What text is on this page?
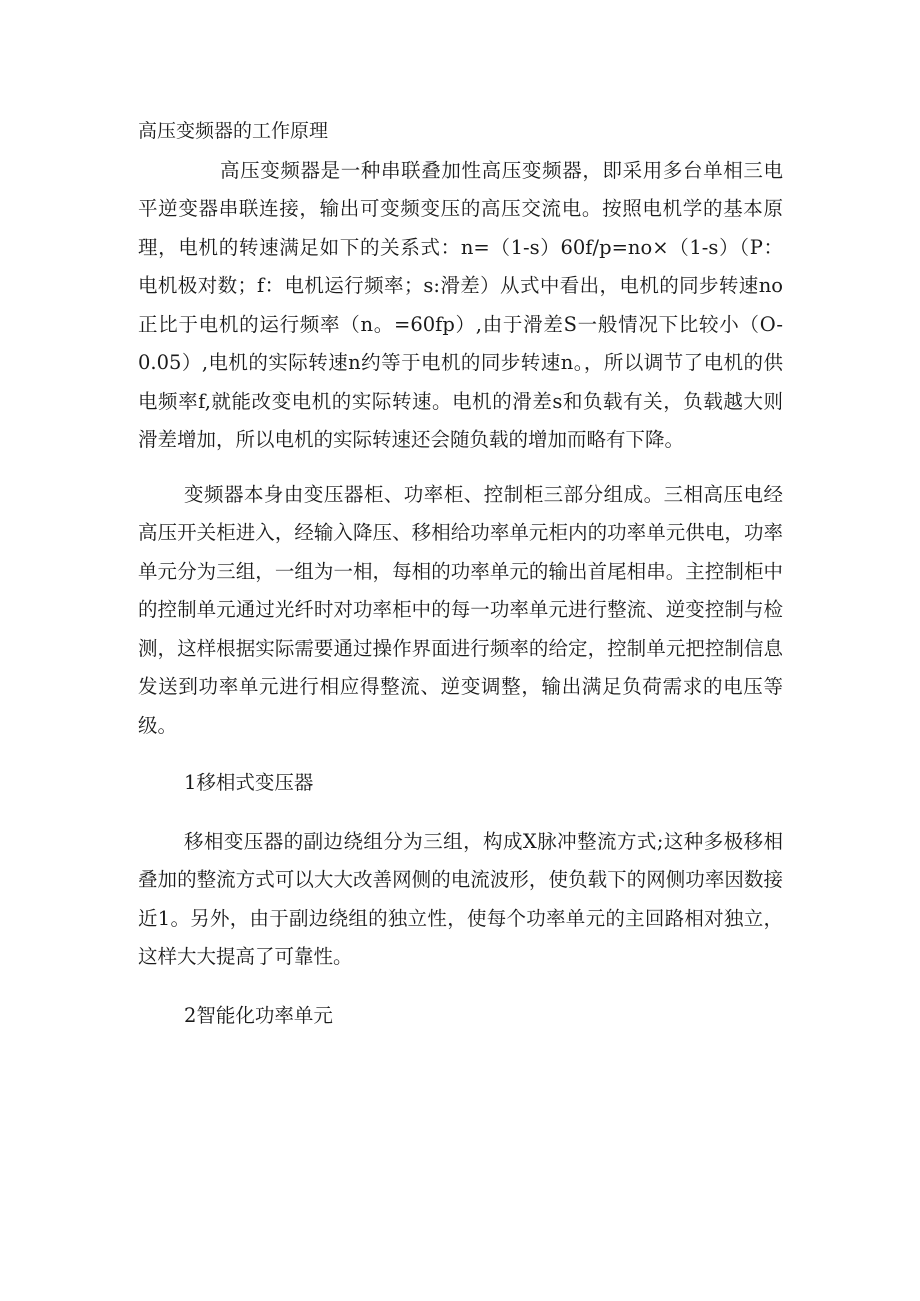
高压变频器的工作原理

高压变频器是一种串联叠加性高压变频器，即采用多台单相三电平逆变器串联连接，输出可变频变压的高压交流电。按照电机学的基本原理，电机的转速满足如下的关系式：n=（1-s）60f/p=no×（1-s）（P：电机极对数；f：电机运行频率；s:滑差）从式中看出，电机的同步转速no正比于电机的运行频率（n。=60fp）,由于滑差S一般情况下比较小（O-0.05）,电机的实际转速n约等于电机的同步转速n。，所以调节了电机的供电频率f,就能改变电机的实际转速。电机的滑差s和负载有关，负载越大则滑差增加，所以电机的实际转速还会随负载的增加而略有下降。

变频器本身由变压器柜、功率柜、控制柜三部分组成。三相高压电经高压开关柜进入，经输入降压、移相给功率单元柜内的功率单元供电，功率单元分为三组，一组为一相，每相的功率单元的输出首尾相串。主控制柜中的控制单元通过光纤时对功率柜中的每一功率单元进行整流、逆变控制与检测，这样根据实际需要通过操作界面进行频率的给定，控制单元把控制信息发送到功率单元进行相应得整流、逆变调整，输出满足负荷需求的电压等级。

1移相式变压器

移相变压器的副边绕组分为三组，构成X脉冲整流方式;这种多极移相叠加的整流方式可以大大改善网侧的电流波形，使负载下的网侧功率因数接近1。另外，由于副边绕组的独立性，使每个功率单元的主回路相对独立，这样大大提高了可靠性。

2智能化功率单元
